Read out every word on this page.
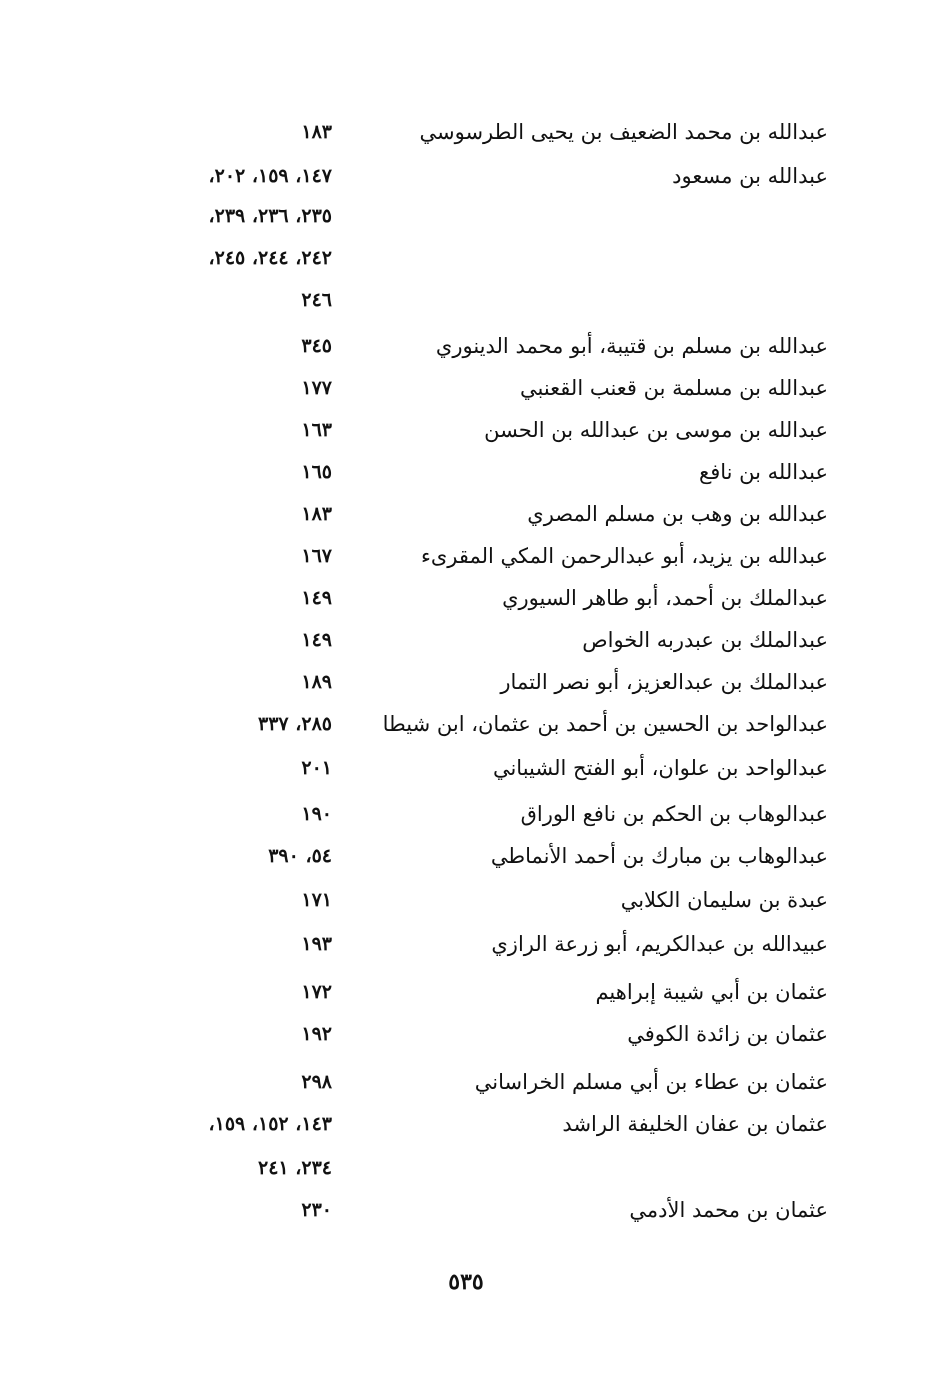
عبدالله بن محمد الضعيف بن يحيى الطرسوسي
١٨٣
عبدالله بن مسعود
١٤٧، ١٥٩، ٢٠٢،
٢٣٥، ٢٣٦، ٢٣٩،
٢٤٢، ٢٤٤، ٢٤٥،
٢٤٦
عبدالله بن مسلم بن قتيبة، أبو محمد الدينوري
٣٤٥
عبدالله بن مسلمة بن قعنب القعنبي
١٧٧
عبدالله بن موسى بن عبدالله بن الحسن
١٦٣
عبدالله بن نافع
١٦٥
عبدالله بن وهب بن مسلم المصري
١٨٣
عبدالله بن يزيد، أبو عبدالرحمن المكي المقرىء
١٦٧
عبدالملك بن أحمد، أبو طاهر السيوري
١٤٩
عبدالملك بن عبدربه الخواص
١٤٩
عبدالملك بن عبدالعزيز، أبو نصر التمار
١٨٩
عبدالواحد بن الحسين بن أحمد بن عثمان، ابن شيطا
٢٨٥، ٣٣٧
عبدالواحد بن علوان، أبو الفتح الشيباني
٢٠١
عبدالوهاب بن الحكم بن نافع الوراق
١٩٠
عبدالوهاب بن مبارك بن أحمد الأنماطي
٥٤، ٣٩٠
عبدة بن سليمان الكلابي
١٧١
عبيدالله بن عبدالكريم، أبو زرعة الرازي
١٩٣
عثمان بن أبي شيبة إبراهيم
١٧٢
عثمان بن زائدة الكوفي
١٩٢
عثمان بن عطاء بن أبي مسلم الخراساني
٢٩٨
عثمان بن عفان الخليفة الراشد
١٤٣، ١٥٢، ١٥٩،
٢٣٤، ٢٤١
عثمان بن محمد الأدمي
٢٣٠
٥٣٥
